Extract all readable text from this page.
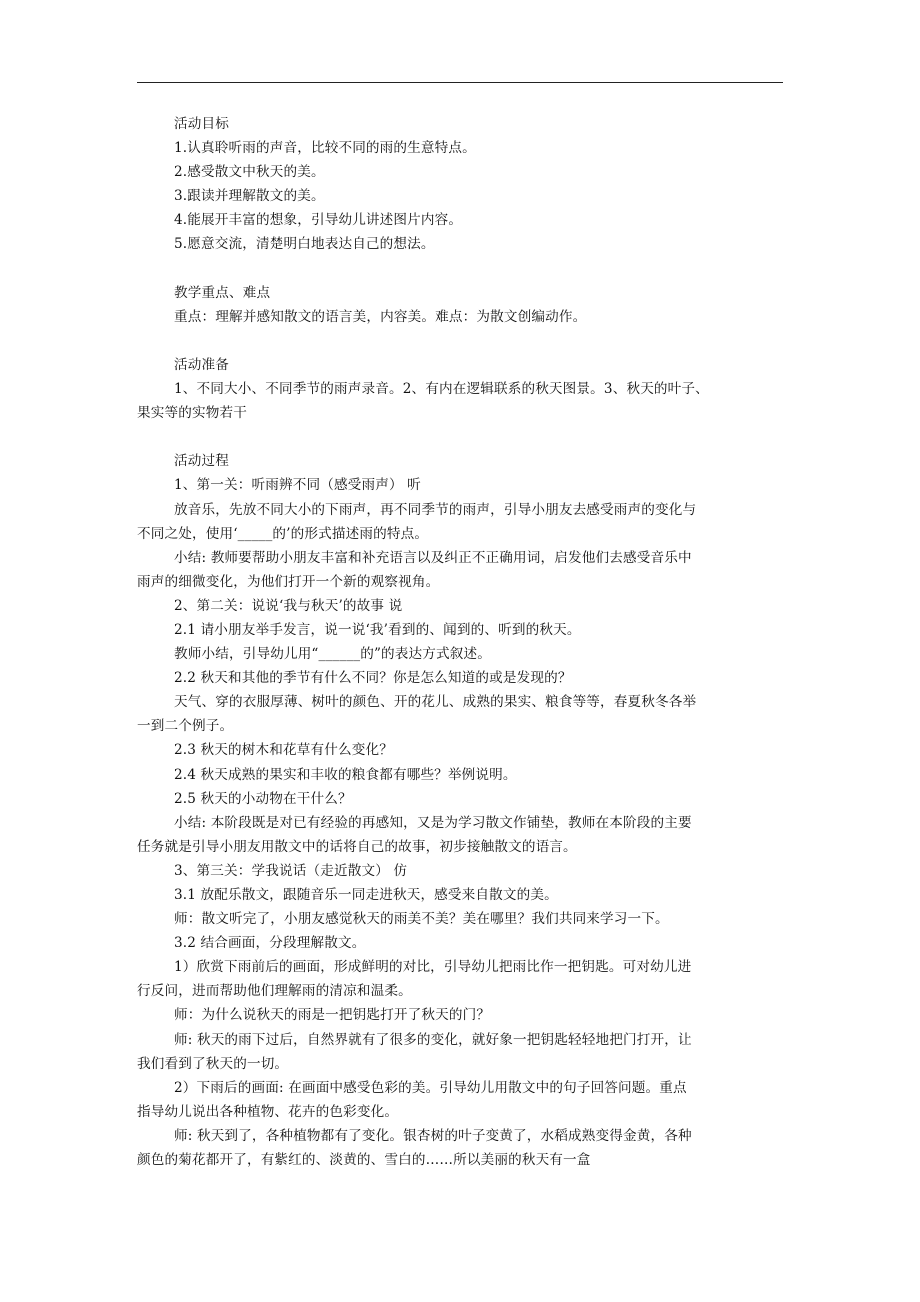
活动目标

1.认真聆听雨的声音，比较不同的雨的生意特点。

2.感受散文中秋天的美。

3.跟读并理解散文的美。

4.能展开丰富的想象，引导幼儿讲述图片内容。

5.愿意交流，清楚明白地表达自己的想法。

教学重点、难点

重点：理解并感知散文的语言美，内容美。难点：为散文创编动作。

活动准备

1、不同大小、不同季节的雨声录音。2、有内在逻辑联系的秋天图景。3、秋天的叶子、

果实等的实物若干

活动过程

1、第一关：听雨辨不同（感受雨声） 听

放音乐，先放不同大小的下雨声，再不同季节的雨声，引导小朋友去感受雨声的变化与

不同之处，使用‘_____的’的形式描述雨的特点。

小结: 教师要帮助小朋友丰富和补充语言以及纠正不正确用词，启发他们去感受音乐中

雨声的细微变化，为他们打开一个新的观察视角。

2、第二关：说说‘我与秋天’的故事 说

2.1 请小朋友举手发言，说一说‘我’看到的、闻到的、听到的秋天。

教师小结，引导幼儿用“______的”的表达方式叙述。

2.2 秋天和其他的季节有什么不同？你是怎么知道的或是发现的？

天气、穿的衣服厚薄、树叶的颜色、开的花儿、成熟的果实、粮食等等，春夏秋冬各举

一到二个例子。

2.3 秋天的树木和花草有什么变化？

2.4 秋天成熟的果实和丰收的粮食都有哪些？举例说明。

2.5 秋天的小动物在干什么？

小结: 本阶段既是对已有经验的再感知，又是为学习散文作铺垫，教师在本阶段的主要

任务就是引导小朋友用散文中的话将自己的故事，初步接触散文的语言。

3、第三关：学我说话（走近散文） 仿

3.1 放配乐散文，跟随音乐一同走进秋天，感受来自散文的美。

师：散文听完了，小朋友感觉秋天的雨美不美？美在哪里？我们共同来学习一下。

3.2 结合画面，分段理解散文。

1）欣赏下雨前后的画面，形成鲜明的对比，引导幼儿把雨比作一把钥匙。可对幼儿进

行反问，进而帮助他们理解雨的清凉和温柔。

师：为什么说秋天的雨是一把钥匙打开了秋天的门？

师: 秋天的雨下过后，自然界就有了很多的变化，就好象一把钥匙轻轻地把门打开，让

我们看到了秋天的一切。

2）下雨后的画面: 在画面中感受色彩的美。引导幼儿用散文中的句子回答问题。重点

指导幼儿说出各种植物、花卉的色彩变化。

师: 秋天到了，各种植物都有了变化。银杏树的叶子变黄了，水稻成熟变得金黄，各种

颜色的菊花都开了，有紫红的、淡黄的、雪白的……所以美丽的秋天有一盒
